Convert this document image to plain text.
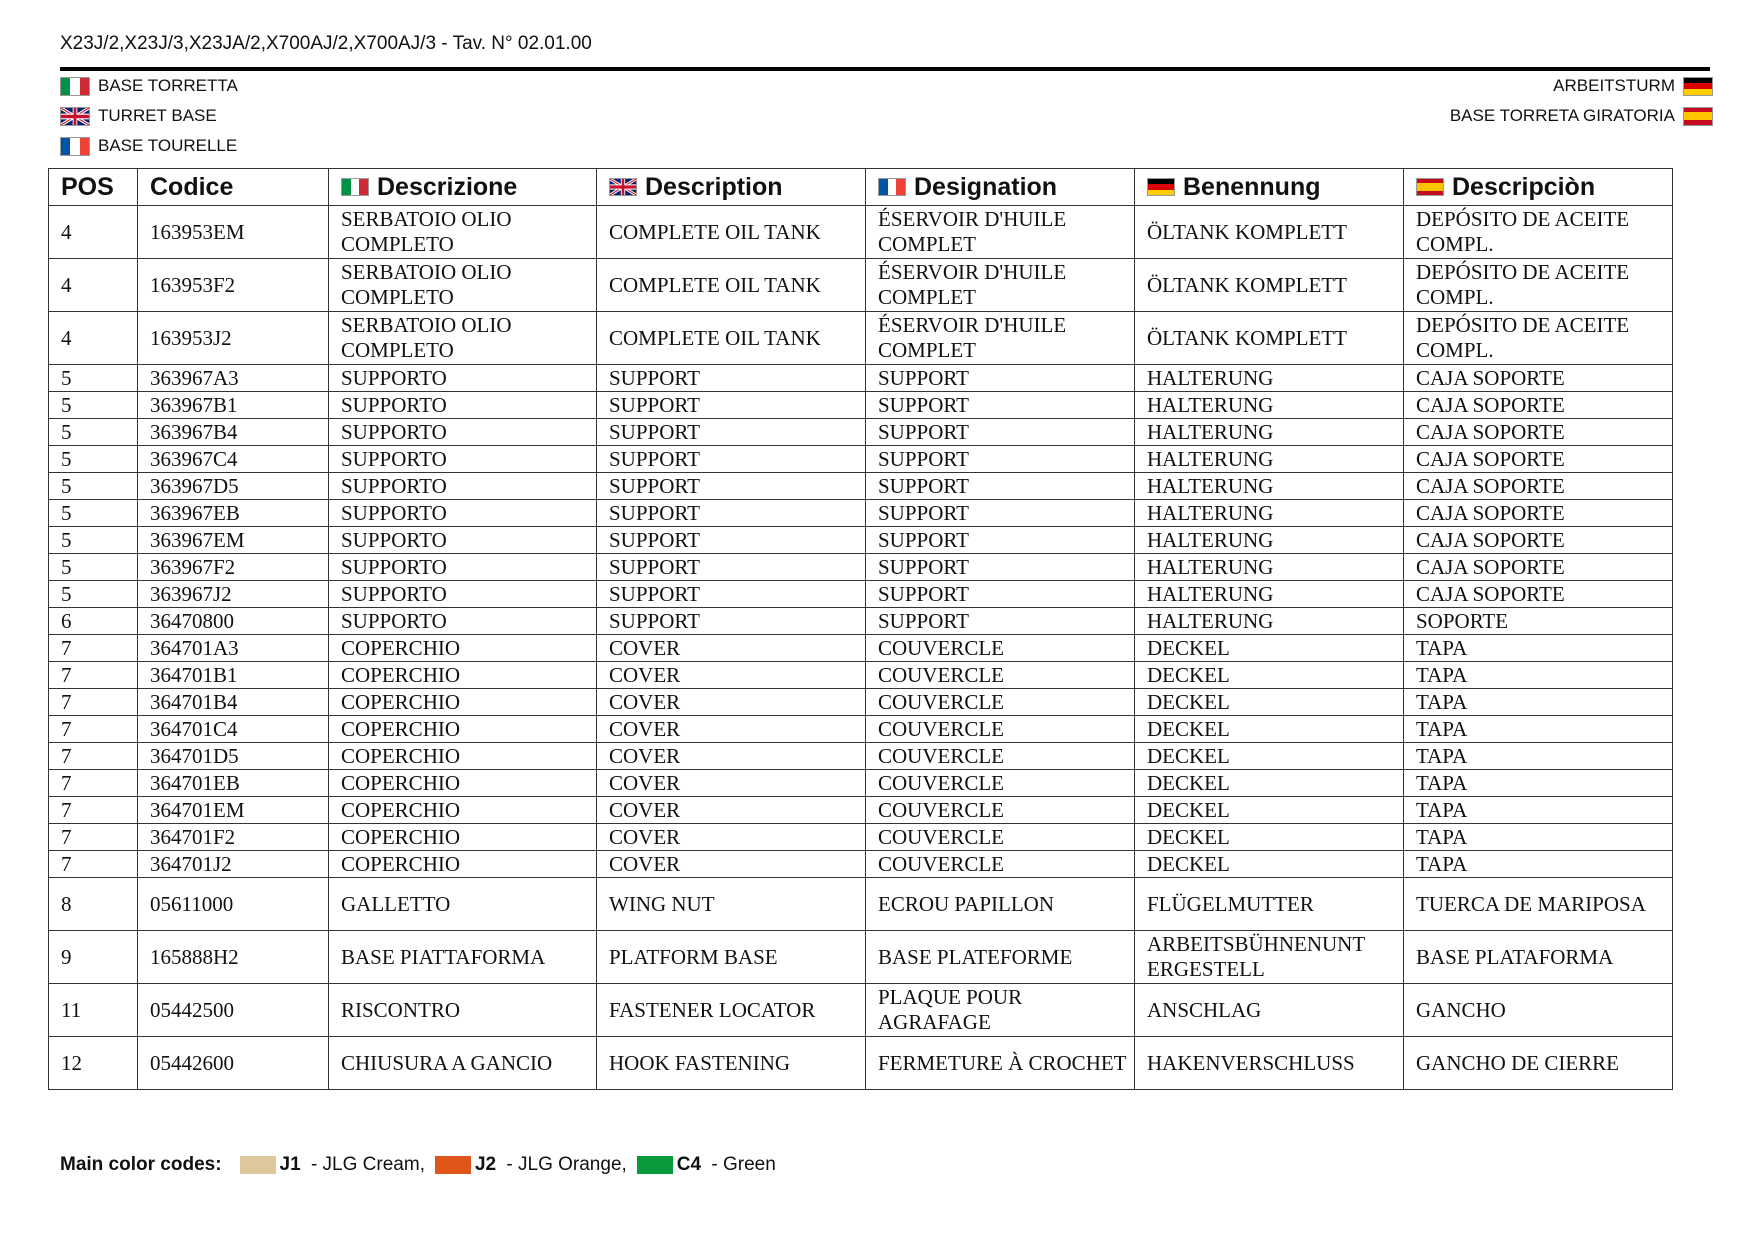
X23J/2,X23J/3,X23JA/2,X700AJ/2,X700AJ/3 - Tav. N° 02.01.00
BASE TORRETTA
TURRET BASE
BASE TOURELLE
ARBEITSTURM
BASE TORRETA GIRATORIA
POS	Codice	Descrizione	Description	Designation	Benennung	Descripciòn

4	163953EM	SERBATOIO OLIO COMPLETO	COMPLETE OIL TANK	ÉSERVOIR D'HUILE COMPLET	ÖLTANK KOMPLETT	DEPÓSITO DE ACEITE COMPL.
4	163953F2	SERBATOIO OLIO COMPLETO	COMPLETE OIL TANK	ÉSERVOIR D'HUILE COMPLET	ÖLTANK KOMPLETT	DEPÓSITO DE ACEITE COMPL.
4	163953J2	SERBATOIO OLIO COMPLETO	COMPLETE OIL TANK	ÉSERVOIR D'HUILE COMPLET	ÖLTANK KOMPLETT	DEPÓSITO DE ACEITE COMPL.
5	363967A3	SUPPORTO	SUPPORT	SUPPORT	HALTERUNG	CAJA SOPORTE
5	363967B1	SUPPORTO	SUPPORT	SUPPORT	HALTERUNG	CAJA SOPORTE
5	363967B4	SUPPORTO	SUPPORT	SUPPORT	HALTERUNG	CAJA SOPORTE
5	363967C4	SUPPORTO	SUPPORT	SUPPORT	HALTERUNG	CAJA SOPORTE
5	363967D5	SUPPORTO	SUPPORT	SUPPORT	HALTERUNG	CAJA SOPORTE
5	363967EB	SUPPORTO	SUPPORT	SUPPORT	HALTERUNG	CAJA SOPORTE
5	363967EM	SUPPORTO	SUPPORT	SUPPORT	HALTERUNG	CAJA SOPORTE
5	363967F2	SUPPORTO	SUPPORT	SUPPORT	HALTERUNG	CAJA SOPORTE
5	363967J2	SUPPORTO	SUPPORT	SUPPORT	HALTERUNG	CAJA SOPORTE
6	36470800	SUPPORTO	SUPPORT	SUPPORT	HALTERUNG	SOPORTE
7	364701A3	COPERCHIO	COVER	COUVERCLE	DECKEL	TAPA
7	364701B1	COPERCHIO	COVER	COUVERCLE	DECKEL	TAPA
7	364701B4	COPERCHIO	COVER	COUVERCLE	DECKEL	TAPA
7	364701C4	COPERCHIO	COVER	COUVERCLE	DECKEL	TAPA
7	364701D5	COPERCHIO	COVER	COUVERCLE	DECKEL	TAPA
7	364701EB	COPERCHIO	COVER	COUVERCLE	DECKEL	TAPA
7	364701EM	COPERCHIO	COVER	COUVERCLE	DECKEL	TAPA
7	364701F2	COPERCHIO	COVER	COUVERCLE	DECKEL	TAPA
7	364701J2	COPERCHIO	COVER	COUVERCLE	DECKEL	TAPA
8	05611000	GALLETTO	WING NUT	ECROU PAPILLON	FLÜGELMUTTER	TUERCA DE MARIPOSA
9	165888H2	BASE PIATTAFORMA	PLATFORM BASE	BASE PLATEFORME	ARBEITSBÜHNENUNT ERGESTELL	BASE PLATAFORMA
11	05442500	RISCONTRO	FASTENER LOCATOR	PLAQUE POUR AGRAFAGE	ANSCHLAG	GANCHO
12	05442600	CHIUSURA A GANCIO	HOOK FASTENING	FERMETURE À CROCHET	HAKENVERSCHLUSS	GANCHO DE CIERRE
Main color codes:	J1 - JLG Cream,	J2 - JLG Orange,	C4 - Green
